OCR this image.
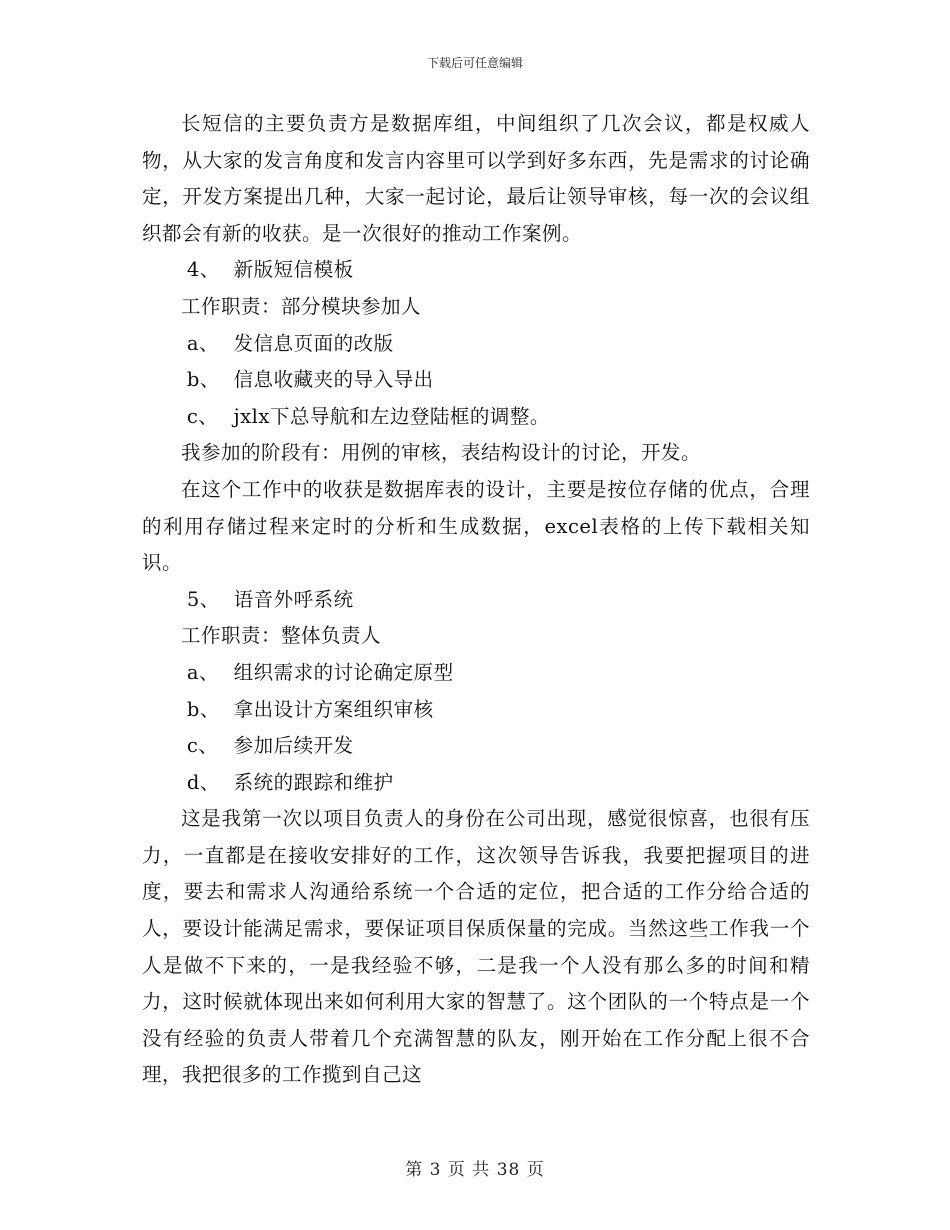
下载后可任意编辑

长短信的主要负责方是数据库组，中间组织了几次会议，都是权威人物，从大家的发言角度和发言内容里可以学到好多东西，先是需求的讨论确定，开发方案提出几种，大家一起讨论，最后让领导审核，每一次的会议组织都会有新的收获。是一次很好的推动工作案例。

4、 新版短信模板

工作职责：部分模块参加人

a、 发信息页面的改版

b、 信息收藏夹的导入导出

c、 jxlx下总导航和左边登陆框的调整。

我参加的阶段有：用例的审核，表结构设计的讨论，开发。

在这个工作中的收获是数据库表的设计，主要是按位存储的优点，合理的利用存储过程来定时的分析和生成数据，excel表格的上传下载相关知识。

5、 语音外呼系统

工作职责：整体负责人

a、 组织需求的讨论确定原型

b、 拿出设计方案组织审核

c、 参加后续开发

d、 系统的跟踪和维护

这是我第一次以项目负责人的身份在公司出现，感觉很惊喜，也很有压力，一直都是在接收安排好的工作，这次领导告诉我，我要把握项目的进度，要去和需求人沟通给系统一个合适的定位，把合适的工作分给合适的人，要设计能满足需求，要保证项目保质保量的完成。当然这些工作我一个人是做不下来的，一是我经验不够，二是我一个人没有那么多的时间和精力，这时候就体现出来如何利用大家的智慧了。这个团队的一个特点是一个没有经验的负责人带着几个充满智慧的队友，刚开始在工作分配上很不合理，我把很多的工作揽到自己这

第 3 页 共 38 页
